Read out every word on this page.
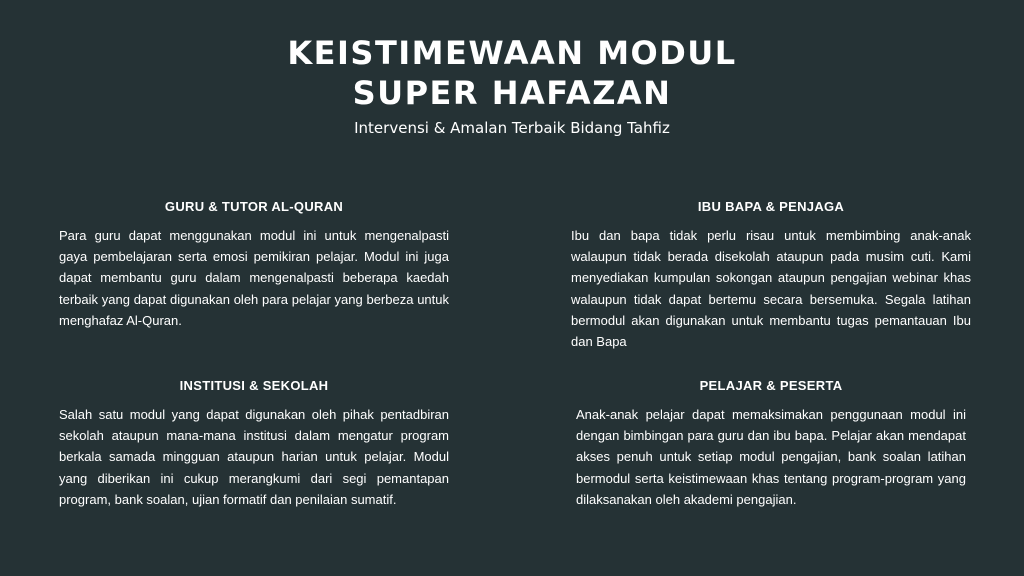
KEISTIMEWAAN MODUL
SUPER HAFAZAN
Intervensi & Amalan Terbaik Bidang Tahfiz
GURU & TUTOR AL-QURAN

Para guru dapat menggunakan modul ini untuk mengenalpasti gaya pembelajaran serta emosi pemikiran pelajar. Modul ini juga dapat membantu guru dalam mengenalpasti beberapa kaedah terbaik yang dapat digunakan oleh para pelajar yang berbeza untuk menghafaz Al-Quran.

IBU BAPA & PENJAGA

Ibu dan bapa tidak perlu risau untuk membimbing anak-anak walaupun tidak berada disekolah ataupun pada musim cuti. Kami menyediakan kumpulan sokongan ataupun pengajian webinar khas walaupun tidak dapat bertemu secara bersemuka. Segala latihan bermodul akan digunakan untuk membantu tugas pemantauan Ibu dan Bapa

INSTITUSI & SEKOLAH

Salah satu modul yang dapat digunakan oleh pihak pentadbiran sekolah ataupun mana-mana institusi dalam mengatur program berkala samada mingguan ataupun harian untuk pelajar. Modul yang diberikan ini cukup merangkumi dari segi pemantapan program, bank soalan, ujian formatif dan penilaian sumatif.

PELAJAR & PESERTA

Anak-anak pelajar dapat memaksimakan penggunaan modul ini dengan bimbingan para guru dan ibu bapa. Pelajar akan mendapat akses penuh untuk setiap modul pengajian, bank soalan latihan bermodul serta keistimewaan khas tentang program-program yang dilaksanakan oleh akademi pengajian.
